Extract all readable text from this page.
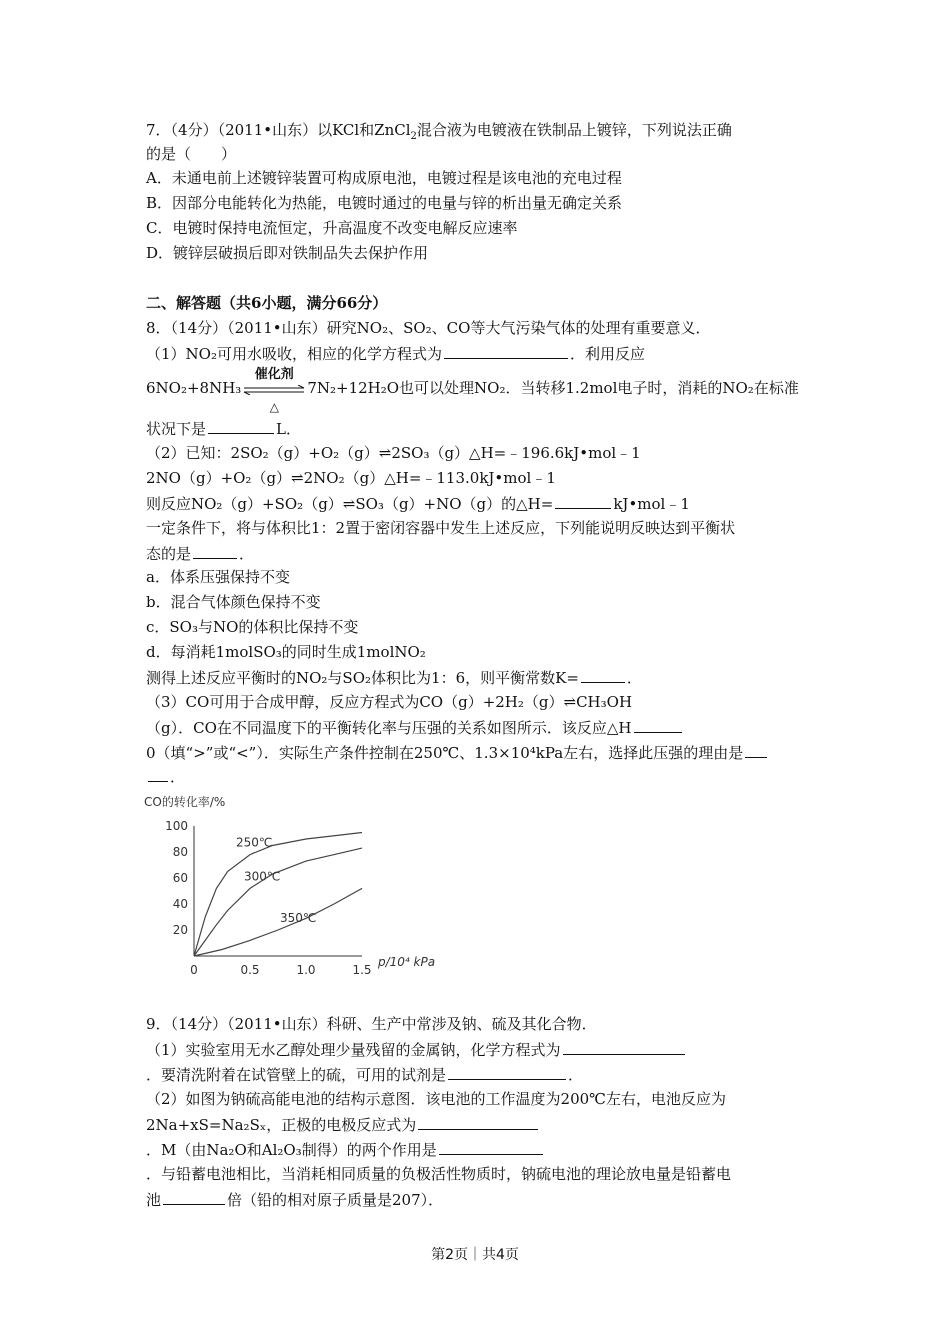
7．（4分）（2011•山东）以KCl和ZnCl$_2$混合液为电镀液在铁制品上镀锌，下列说法正确
的是（　　）
A．未通电前上述镀锌装置可构成原电池，电镀过程是该电池的充电过程
B．因部分电能转化为热能，电镀时通过的电量与锌的析出量无确定关系
C．电镀时保持电流恒定，升高温度不改变电解反应速率
D．镀锌层破损后即对铁制品失去保护作用
二、解答题（共6小题，满分66分）
8．（14分）（2011•山东）研究NO₂、SO₂、CO等大气污染气体的处理有重要意义．
（1）NO₂可用水吸收，相应的化学方程式为	．利用反应
6NO₂+8NH₃
催化剂
△
7N₂+12H₂O也可以处理NO₂．当转移1.2mol电子时，消耗的NO₂在标准
状况下是	L．
（2）已知：2SO₂（g）+O₂（g）⇌2SO₃（g）△H=﹣196.6kJ•mol﹣1
2NO（g）+O₂（g）⇌2NO₂（g）△H=﹣113.0kJ•mol﹣1
则反应NO₂（g）+SO₂（g）⇌SO₃（g）+NO（g）的△H=	kJ•mol﹣1
一定条件下，将与体积比1：2置于密闭容器中发生上述反应，下列能说明反映达到平衡状
态的是	．
a．体系压强保持不变
b．混合气体颜色保持不变
c．SO₃与NO的体积比保持不变
d．每消耗1molSO₃的同时生成1molNO₂
测得上述反应平衡时的NO₂与SO₂体积比为1：6，则平衡常数K=	．
（3）CO可用于合成甲醇，反应方程式为CO（g）+2H₂（g）⇌CH₃OH
（g）．CO在不同温度下的平衡转化率与压强的关系如图所示．该反应△H
0（填“>”或“<”）．实际生产条件控制在250℃、1.3×10⁴kPa左右，选择此压强的理由是
．
CO的转化率/%
20
40
60
80
100
0	0.5	1.0	1.5
250℃
300℃
350℃
p/10⁴ kPa
9．（14分）（2011•山东）科研、生产中常涉及钠、硫及其化合物．
（1）实验室用无水乙醇处理少量残留的金属钠，化学方程式为
．要清洗附着在试管壁上的硫，可用的试剂是	．
（2）如图为钠硫高能电池的结构示意图．该电池的工作温度为200℃左右，电池反应为
2Na+xS=Na₂Sₓ，正极的电极反应式为
．M（由Na₂O和Al₂O₃制得）的两个作用是
．与铅蓄电池相比，当消耗相同质量的负极活性物质时，钠硫电池的理论放电量是铅蓄电
池	倍（铅的相对原子质量是207）．
第2页｜共4页
